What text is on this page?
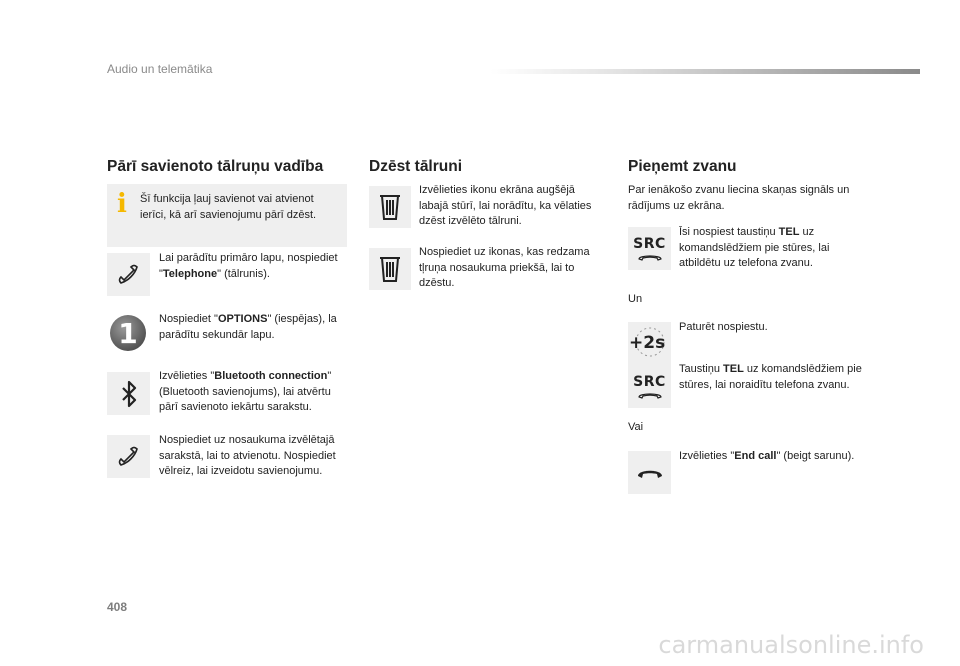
Audio un telemātika
Pārī savienoto tālruņu vadība
i Šī funkcija ļauj savienot vai atvienot ierīci, kā arī savienojumu pārī dzēst.
Lai parādītu primāro lapu, nospiediet "Telephone" (tālrunis).
1	Nospiediet "OPTIONS" (iespējas), la parādītu sekundār lapu.
Izvēlieties "Bluetooth connection" (Bluetooth savienojums), lai atvērtu pārī savienoto iekārtu sarakstu.
Nospiediet uz nosaukuma izvēlētajā sarakstā, lai to atvienotu. Nospiediet vēlreiz, lai izveidotu savienojumu.
Dzēst tālruni
Izvēlieties ikonu ekrāna augšējā labajā stūrī, lai norādītu, ka vēlaties dzēst izvēlēto tālruni.
Nospiediet uz ikonas, kas redzama tļruņa nosaukuma priekšā, lai to dzēstu.
Pieņemt zvanu
Par ienākošo zvanu liecina skaņas signāls un rādījums uz ekrāna.
SRC
Īsi nospiest taustiņu TEL uz komandslēdžiem pie stūres, lai atbildētu uz telefona zvanu.
Un
+2s
Paturēt nospiestu.
SRC
Taustiņu TEL uz komandslēdžiem pie stūres, lai noraidītu telefona zvanu.
Vai
Izvēlieties "End call" (beigt sarunu).
408
carmanualsonline.info
